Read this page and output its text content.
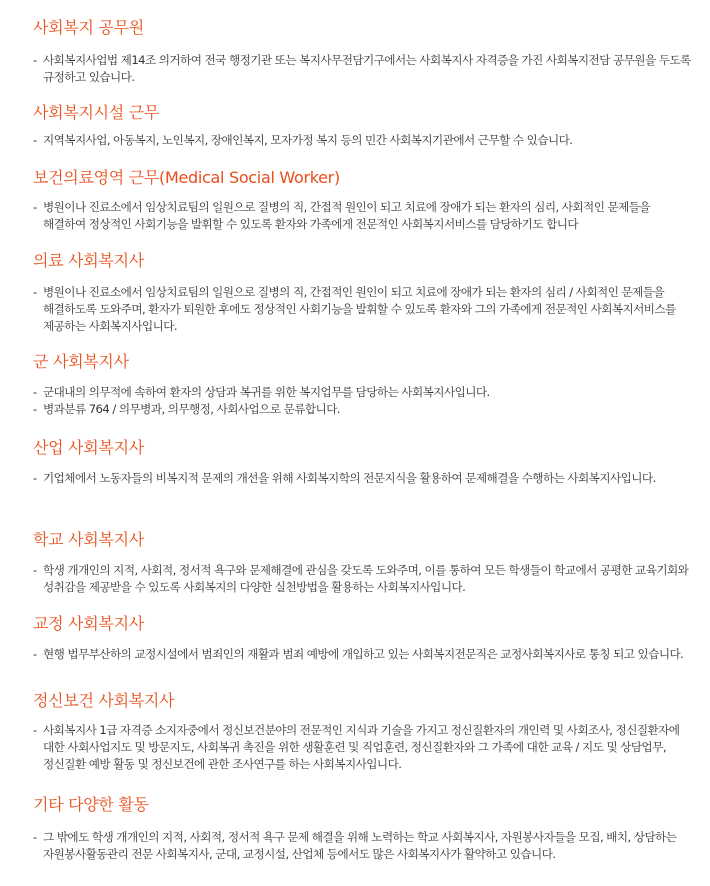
사회복지 공무원

- 사회복지사업법 제14조 의거하여 전국 행정기관 또는 복지사무전담기구에서는 사회복지사 자격증을 가진 사회복지전담 공무원을 두도록 규정하고 있습니다.

사회복지시설 근무

- 지역복지사업, 아동복지, 노인복지, 장애인복지, 모자가정 복지 등의 민간 사회복지기관에서 근무할 수 있습니다.

보건의료영역 근무(Medical Social Worker)

- 병원이나 진료소에서 임상치료팀의 일원으로 질병의 직, 간접적 원인이 되고 치료에 장애가 되는 환자의 심리, 사회적인 문제들을 해결하여 정상적인 사회기능을 발휘할 수 있도록 환자와 가족에게 전문적인 사회복지서비스를 담당하기도 합니다

의료 사회복지사

- 병원이나 진료소에서 임상치료팀의 일원으로 질병의 직, 간접적인 원인이 되고 치료에 장애가 되는 환자의 심리 / 사회적인 문제들을 해결하도록 도와주며, 환자가 퇴원한 후에도 정상적인 사회기능을 발휘할 수 있도록 환자와 그의 가족에게 전문적인 사회복지서비스를 제공하는 사회복지사입니다.

군 사회복지사

- 군대내의 의무적에 속하여 환자의 상담과 복귀를 위한 복지업무를 담당하는 사회복지사입니다.

- 병과분류 764 / 의무병과, 의무행정, 사회사업으로 문류합니다.

산업 사회복지사

- 기업체에서 노동자들의 비복지적 문제의 개선을 위해 사회복지학의 전문지식을 활용하여 문제해결을 수행하는 사회복지사입니다.

학교 사회복지사

- 학생 개개인의 지적, 사회적, 정서적 욕구와 문제해결에 관심을 갖도록 도와주며, 이를 통하여 모든 학생들이 학교에서 공평한 교육기회와 성취감을 제공받을 수 있도록 사회복지의 다양한 실천방법을 활용하는 사회복지사입니다.

교정 사회복지사

- 현행 법무부산하의 교정시설에서 범죄인의 재활과 범죄 예방에 개입하고 있는 사회복지전문직은 교정사회복지사로 통칭 되고 있습니다.

정신보건 사회복지사

- 사회복지사 1급 자격증 소지자중에서 정신보건분야의 전문적인 지식과 기술을 가지고 정신질환자의 개인력 및 사회조사, 정신질환자에 대한 사회사업지도 및 방문지도, 사회복귀 촉진을 위한 생활훈련 및 직업훈련, 정신질환자와 그 가족에 대한 교육 / 지도 및 상담업무, 정신질환 예방 활동 및 정신보건에 관한 조사연구를 하는 사회복지사입니다.

기타 다양한 활동

- 그 밖에도 학생 개개인의 지적, 사회적, 정서적 욕구 문제 해결을 위해 노력하는 학교 사회복지사, 자원봉사자들을 모집, 배치, 상담하는 자원봉사활동관리 전문 사회복지사, 군대, 교정시설, 산업체 등에서도 많은 사회복지사가 활약하고 있습니다.
